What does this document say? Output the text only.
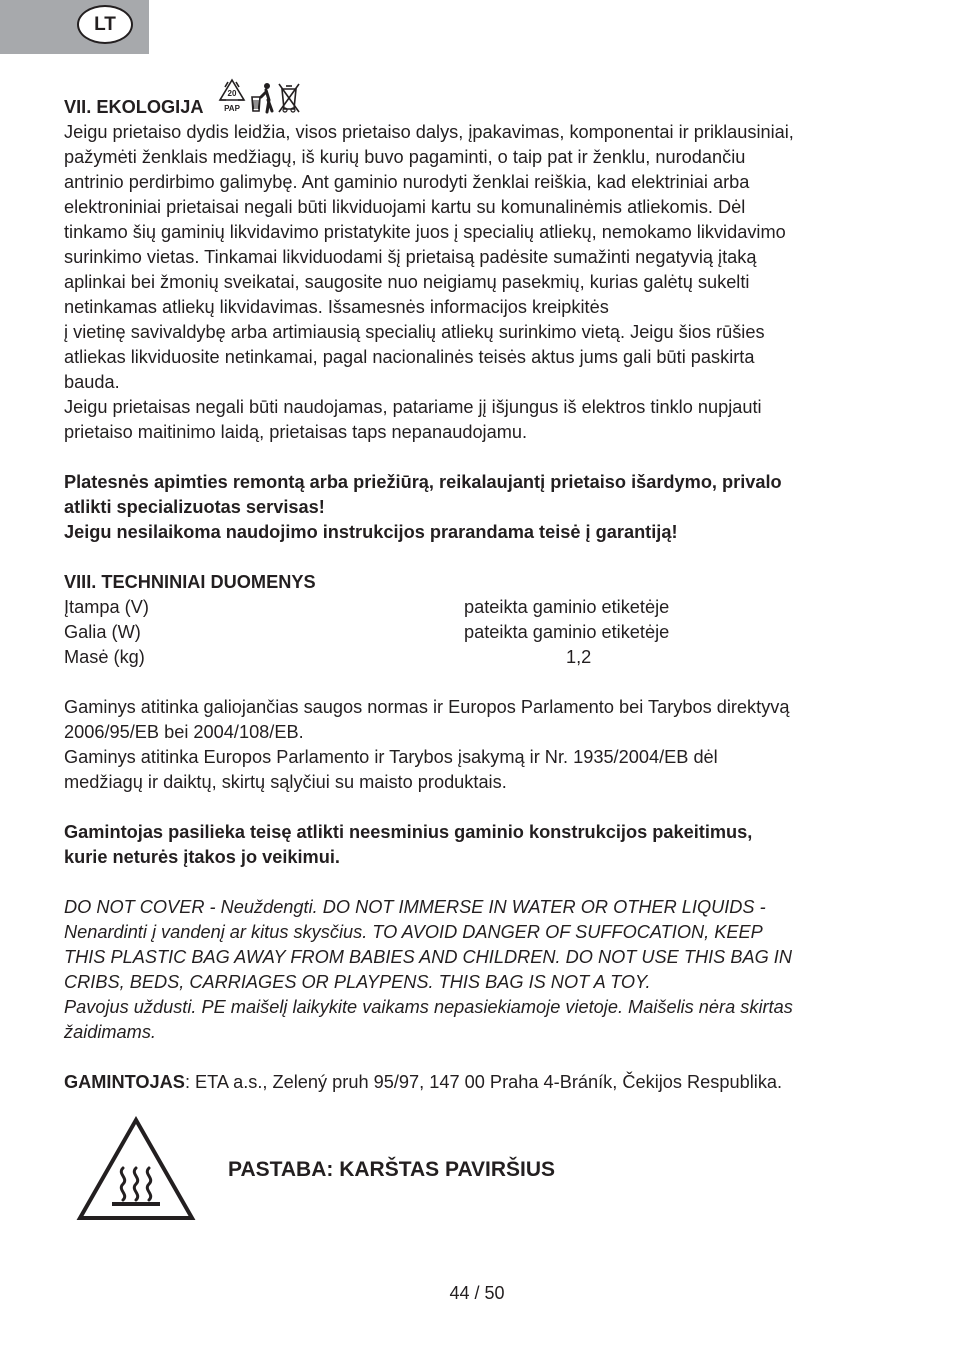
LT
VII. EKOLOGIJA
20
PAP
Jeigu prietaiso dydis leidžia, visos prietaiso dalys, įpakavimas, komponentai ir priklausiniai,
pažymėti ženklais medžiagų, iš kurių buvo pagaminti, o taip pat ir ženklu, nurodančiu
antrinio perdirbimo galimybę. Ant gaminio nurodyti ženklai reiškia, kad elektriniai arba
elektroniniai prietaisai negali būti likviduojami kartu su komunalinėmis atliekomis. Dėl
tinkamo šių gaminių likvidavimo pristatykite juos į specialių atliekų, nemokamo likvidavimo
surinkimo vietas. Tinkamai likviduodami šį prietaisą padėsite sumažinti negatyvią įtaką
aplinkai bei žmonių sveikatai, saugosite nuo neigiamų pasekmių, kurias galėtų sukelti
netinkamas atliekų likvidavimas. Išsamesnės informacijos kreipkitės
į vietinę savivaldybę arba artimiausią specialių atliekų surinkimo vietą. Jeigu šios rūšies
atliekas likviduosite netinkamai, pagal nacionalinės teisės aktus jums gali būti paskirta
bauda.
Jeigu prietaisas negali būti naudojamas, patariame jį išjungus iš elektros tinklo nupjauti
prietaiso maitinimo laidą, prietaisas taps nepanaudojamu.
Platesnės apimties remontą arba priežiūrą, reikalaujantį prietaiso išardymo, privalo
atlikti specializuotas servisas!
Jeigu nesilaikoma naudojimo instrukcijos prarandama teisė į garantiją!
VIII. TECHNINIAI DUOMENYS
Įtampa (V)	pateikta gaminio etiketėje
Galia (W)	pateikta gaminio etiketėje
Masė (kg)	1,2
Gaminys atitinka galiojančias saugos normas ir Europos Parlamento bei Tarybos direktyvą
2006/95/EB bei 2004/108/EB.
Gaminys atitinka Europos Parlamento ir Tarybos įsakymą ir Nr. 1935/2004/EB dėl
medžiagų ir daiktų, skirtų sąlyčiui su maisto produktais.
Gamintojas pasilieka teisę atlikti neesminius gaminio konstrukcijos pakeitimus,
kurie neturės įtakos jo veikimui.
DO NOT COVER - Neuždengti. DO NOT IMMERSE IN WATER OR OTHER LIQUIDS -
Nenardinti į vandenį ar kitus skysčius. TO AVOID DANGER OF SUFFOCATION, KEEP
THIS PLASTIC BAG AWAY FROM BABIES AND CHILDREN. DO NOT USE THIS BAG IN
CRIBS, BEDS, CARRIAGES OR PLAYPENS. THIS BAG IS NOT A TOY.
Pavojus uždusti. PE maišelį laikykite vaikams nepasiekiamoje vietoje. Maišelis nėra skirtas
žaidimams.
GAMINTOJAS: ETA a.s., Zelený pruh 95/97, 147 00 Praha 4-Bráník, Čekijos Respublika.
PASTABA: KARŠTAS PAVIRŠIUS
44 / 50
